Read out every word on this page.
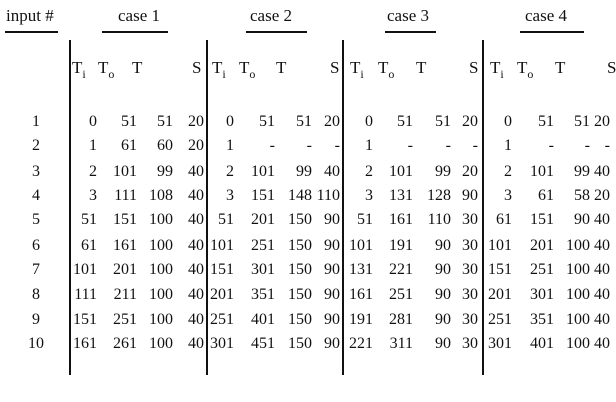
input #	case 1	case 2	case 3	case 4
$T_i$ $T_o$ T	S $T_i$ $T_o$ T	S $T_i$ $T_o$ T	S $T_i$ $T_o$ T S
1	0 51 51 20 0 51 51 20 0 51 51 20 0 51 51 20
2	1 61 60 20 1 - - - 1 - - - 1 - - -
3	2 101 99 40 2 101 99 40 2 101 99 20 2 101 99 40
4	3 111 108 40 3 151 148 110 3 131 128 90 3 61 58 20
5	51 151 100 40 51 201 150 90 51 161 110 30 61 151 90 40
6	61 161 100 40 101 251 150 90 101 191 90 30 101 201 100 40
7	101 201 100 40 151 301 150 90 131 221 90 30 151 251 100 40
8	111 211 100 40 201 351 150 90 161 251 90 30 201 301 100 40
9	151 251 100 40 251 401 150 90 191 281 90 30 251 351 100 40
10 161 261 100 40 301 451 150 90 221 311 90 30 301 401 100 40
